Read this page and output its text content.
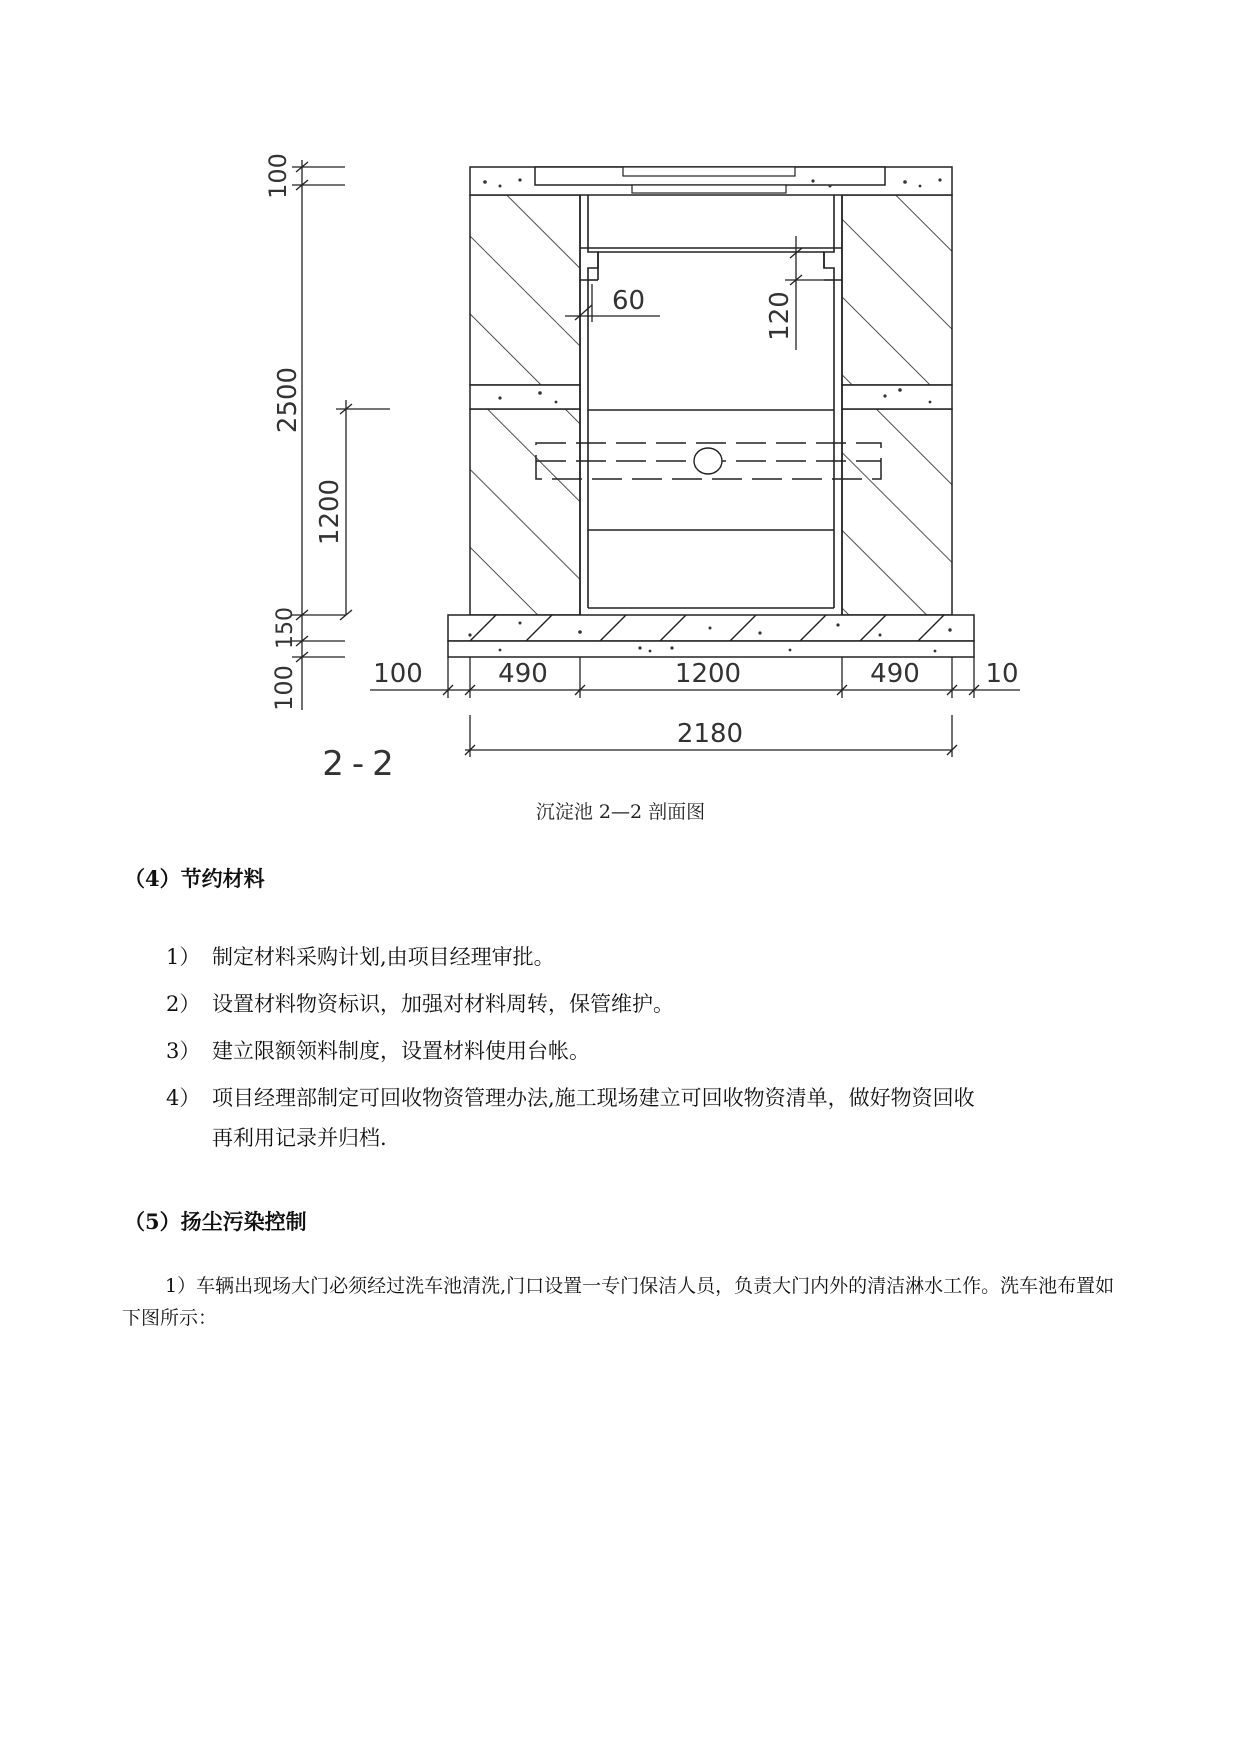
100
2500
1200
150
100
60	120
100	490	1200	490	10
2180
2-2
沉淀池 2—2 剖面图
（4）节约材料
1） 制定材料采购计划,由项目经理审批。
2） 设置材料物资标识，加强对材料周转，保管维护。
3） 建立限额领料制度，设置材料使用台帐。
4） 项目经理部制定可回收物资管理办法,施工现场建立可回收物资清单，做好物资回收
再利用记录并归档.
（5）扬尘污染控制
1）车辆出现场大门必须经过洗车池清洗,门口设置一专门保洁人员，负责大门内外的清洁淋水工作。洗车池布置如下图所示：
